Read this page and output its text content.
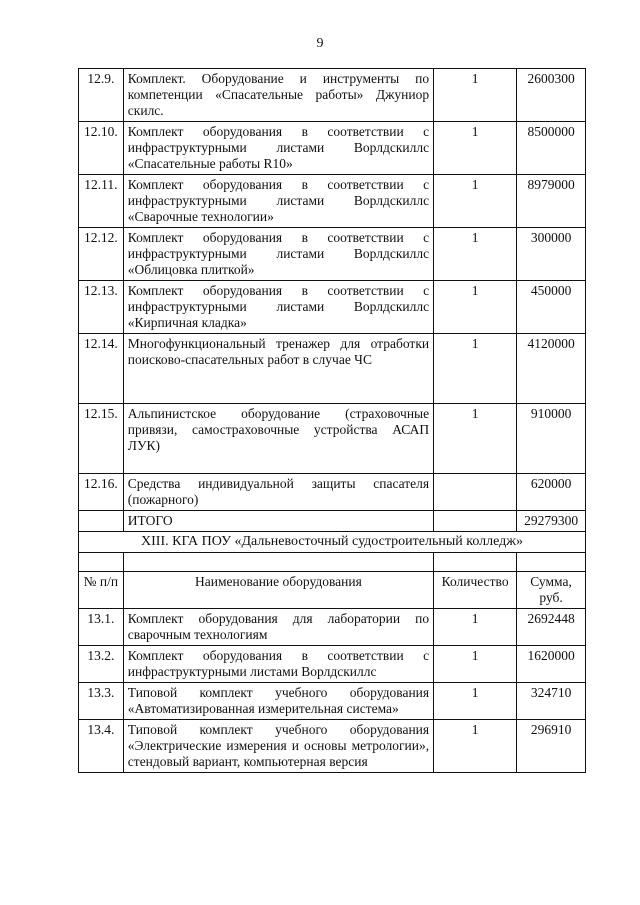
9
12.9.	Комплект. Оборудование и инструменты по компетенции «Спасательные работы» Джуниор скилс.	1	2600300
12.10.	Комплект оборудования в соответствии с инфраструктурными листами Ворлдскиллс «Спасательные работы R10»	1	8500000
12.11.	Комплект оборудования в соответствии с инфраструктурными листами Ворлдскиллс «Сварочные технологии»	1	8979000
12.12.	Комплект оборудования в соответствии с инфраструктурными листами Ворлдскиллс «Облицовка плиткой»	1	300000
12.13.	Комплект оборудования в соответствии с инфраструктурными листами Ворлдскиллс «Кирпичная кладка»	1	450000
12.14.	Многофункциональный тренажер для отработки поисково-спасательных работ в случае ЧС	1	4120000
12.15.	Альпинистское оборудование (страховочные привязи, самостраховочные устройства АСАП ЛУК)	1	910000
12.16.	Средства индивидуальной защиты спасателя (пожарного)		620000
	ИТОГО		29279300
XIII. КГА ПОУ «Дальневосточный судостроительный колледж»			

№ п/п	Наименование оборудования	Количество	Сумма, руб.
13.1.	Комплект оборудования для лаборатории по сварочным технологиям	1	2692448
13.2.	Комплект оборудования в соответствии с инфраструктурными листами Ворлдскиллс	1	1620000
13.3.	Типовой комплект учебного оборудования «Автоматизированная измерительная система»	1	324710
13.4.	Типовой комплект учебного оборудования «Электрические измерения и основы метрологии», стендовый вариант, компьютерная версия	1	296910
